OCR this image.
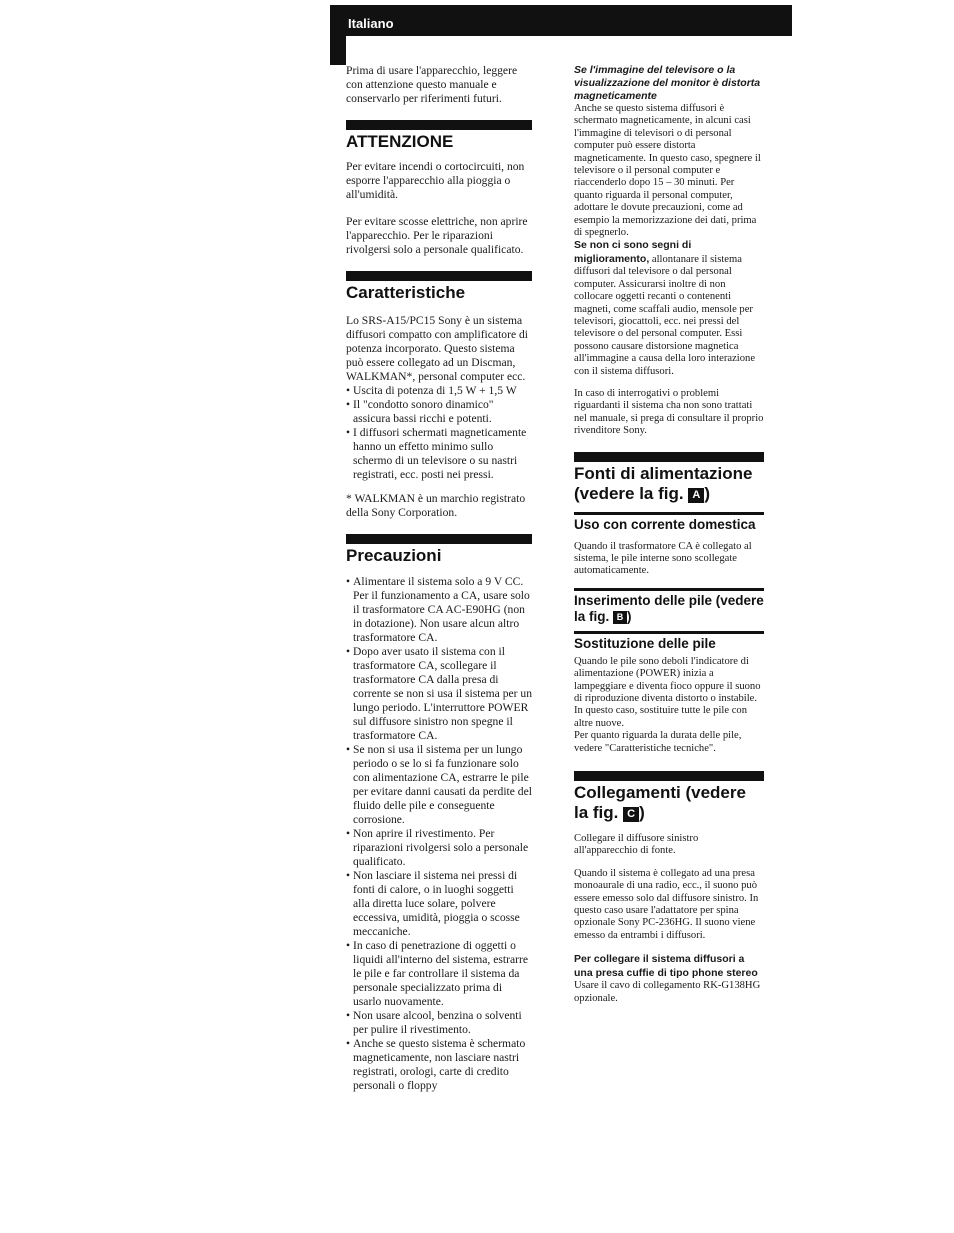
Italiano

Prima di usare l'apparecchio, leggere con attenzione questo manuale e conservarlo per riferimenti futuri.

ATTENZIONE

Per evitare incendi o cortocircuiti, non esporre l'apparecchio alla pioggia o all'umidità.

Per evitare scosse elettriche, non aprire l'apparecchio. Per le riparazioni rivolgersi solo a personale qualificato.

Caratteristiche

Lo SRS-A15/PC15 Sony è un sistema diffusori compatto con amplificatore di potenza incorporato. Questo sistema può essere collegato ad un Discman, WALKMAN*, personal computer ecc.

• Uscita di potenza di 1,5 W + 1,5 W
• Il "condotto sonoro dinamico" assicura bassi ricchi e potenti.
• I diffusori schermati magneticamente hanno un effetto minimo sullo schermo di un televisore o su nastri registrati, ecc. posti nei pressi.

* WALKMAN è un marchio registrato della Sony Corporation.

Precauzioni
• Alimentare il sistema solo a 9 V CC. Per il funzionamento a CA, usare solo il trasformatore CA AC-E90HG (non in dotazione). Non usare alcun altro trasformatore CA.
• Dopo aver usato il sistema con il trasformatore CA, scollegare il trasformatore CA dalla presa di corrente se non si usa il sistema per un lungo periodo. L'interruttore POWER sul diffusore sinistro non spegne il trasformatore CA.
• Se non si usa il sistema per un lungo periodo o se lo si fa funzionare solo con alimentazione CA, estrarre le pile per evitare danni causati da perdite del fluido delle pile e conseguente corrosione.
• Non aprire il rivestimento. Per riparazioni rivolgersi solo a personale qualificato.
• Non lasciare il sistema nei pressi di fonti di calore, o in luoghi soggetti alla diretta luce solare, polvere eccessiva, umidità, pioggia o scosse meccaniche.
• In caso di penetrazione di oggetti o liquidi all'interno del sistema, estrarre le pile e far controllare il sistema da personale specializzato prima di usarlo nuovamente.
• Non usare alcool, benzina o solventi per pulire il rivestimento.
• Anche se questo sistema è schermato magneticamente, non lasciare nastri registrati, orologi, carte di credito personali o floppy

Se l'immagine del televisore o la visualizzazione del monitor è distorta magneticamente

Anche se questo sistema diffusori è schermato magneticamente, in alcuni casi l'immagine di televisori o di personal computer può essere distorta magneticamente. In questo caso, spegnere il televisore o il personal computer e riaccenderlo dopo 15 – 30 minuti. Per quanto riguarda il personal computer, adottare le dovute precauzioni, come ad esempio la memorizzazione dei dati, prima di spegnerlo.

Se non ci sono segni di miglioramento, allontanare il sistema diffusori dal televisore o dal personal computer. Assicurarsi inoltre di non collocare oggetti recanti o contenenti magneti, come scaffali audio, mensole per televisori, giocattoli, ecc. nei pressi del televisore o del personal computer. Essi possono causare distorsione magnetica all'immagine a causa della loro interazione con il sistema diffusori.

In caso di interrogativi o problemi riguardanti il sistema cha non sono trattati nel manuale, si prega di consultare il proprio rivenditore Sony.

Fonti di alimentazione (vedere la fig. A )
Uso con corrente domestica

Quando il trasformatore CA è collegato al sistema, le pile interne sono scollegate automaticamente.

Inserimento delle pile (vedere la fig. B )
Sostituzione delle pile

Quando le pile sono deboli l'indicatore di alimentazione (POWER) inizia a lampeggiare e diventa fioco oppure il suono di riproduzione diventa distorto o instabile. In questo caso, sostituire tutte le pile con altre nuove.

Per quanto riguarda la durata delle pile, vedere "Caratteristiche tecniche".

Collegamenti (vedere la fig. C )

Collegare il diffusore sinistro all'apparecchio di fonte.

Quando il sistema è collegato ad una presa monoaurale di una radio, ecc., il suono può essere emesso solo dal diffusore sinistro. In questo caso usare l'adattatore per spina opzionale Sony PC-236HG. Il suono viene emesso da entrambi i diffusori.

Per collegare il sistema diffusori a una presa cuffie di tipo phone stereo

Usare il cavo di collegamento RK-G138HG opzionale.
